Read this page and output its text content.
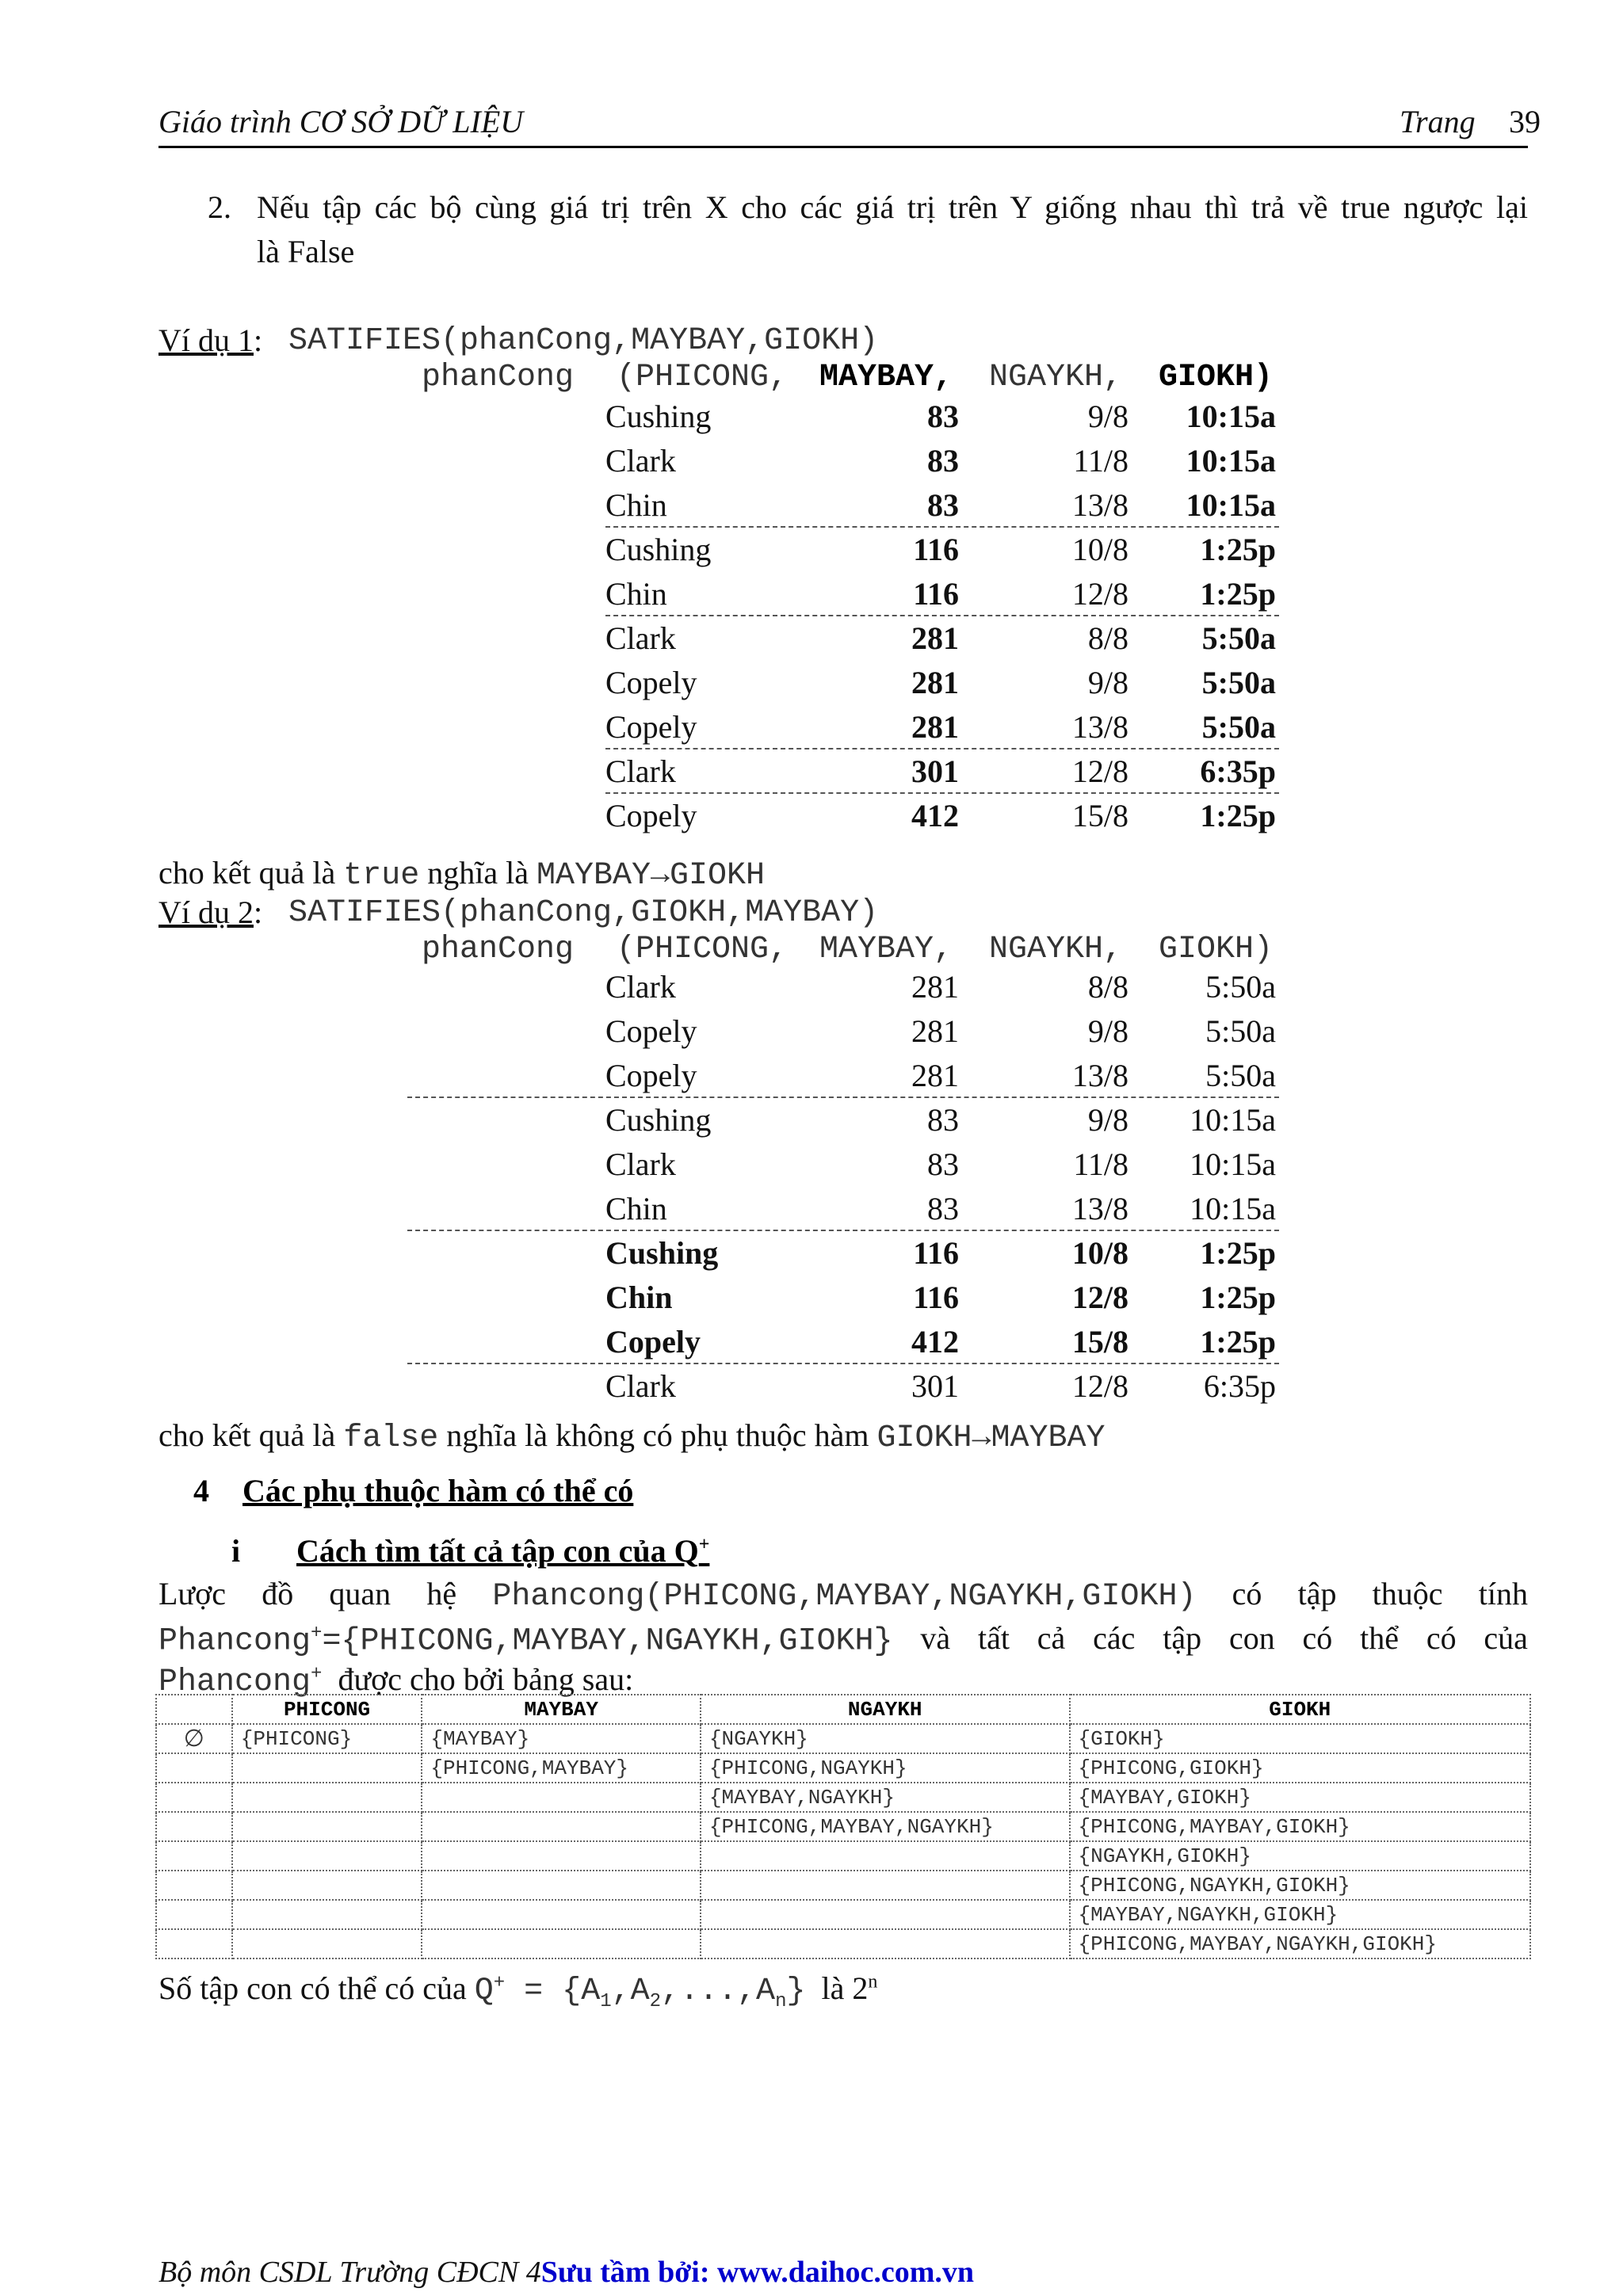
Giáo trình CƠ SỞ DỮ LIỆU	Trang 39
2. Nếu tập các bộ cùng giá trị trên X cho các giá trị trên Y giống nhau thì trả về true ngược lại
là False
Ví dụ 1: SATIFIES(phanCong,MAYBAY,GIOKH)
phanCong (PHICONG, MAYBAY, NGAYKH, GIOKH)
Cushing	83	9/8	10:15a
Clark	83	11/8	10:15a
Chin	83	13/8	10:15a
Cushing	116	10/8	1:25p
Chin	116	12/8	1:25p
Clark	281	8/8	5:50a
Copely	281	9/8	5:50a
Copely	281	13/8	5:50a
Clark	301	12/8	6:35p
Copely	412	15/8	1:25p
cho kết quả là true nghĩa là MAYBAY→GIOKH
Ví dụ 2: SATIFIES(phanCong,GIOKH,MAYBAY)
phanCong (PHICONG, MAYBAY, NGAYKH, GIOKH)
Clark	281	8/8	5:50a
Copely	281	9/8	5:50a
Copely	281	13/8	5:50a
Cushing	83	9/8	10:15a
Clark	83	11/8	10:15a
Chin	83	13/8	10:15a
Cushing	116	10/8	1:25p
Chin	116	12/8	1:25p
Copely	412	15/8	1:25p
Clark	301	12/8	6:35p
cho kết quả là false nghĩa là không có phụ thuộc hàm GIOKH→MAYBAY
4 Các phụ thuộc hàm có thể có
i Cách tìm tất cả tập con của Q+
Lược đồ quan hệ Phancong(PHICONG,MAYBAY,NGAYKH,GIOKH) có tập thuộc tính
Phancong+={PHICONG,MAYBAY,NGAYKH,GIOKH} và tất cả các tập con có thể có của
Phancong+ được cho bởi bảng sau:
	PHICONG	MAYBAY	NGAYKH	GIOKH
∅	{PHICONG}	{MAYBAY}	{NGAYKH}	{GIOKH}
		{PHICONG,MAYBAY}	{PHICONG,NGAYKH}	{PHICONG,GIOKH}
			{MAYBAY,NGAYKH}	{MAYBAY,GIOKH}
			{PHICONG,MAYBAY,NGAYKH}	{PHICONG,MAYBAY,GIOKH}
				{NGAYKH,GIOKH}
				{PHICONG,NGAYKH,GIOKH}
				{MAYBAY,NGAYKH,GIOKH}
				{PHICONG,MAYBAY,NGAYKH,GIOKH}
Số tập con có thể có của $Q^+ = \{A_1,A_2,...,A_n\}$ là 2$^n$
Bộ môn CSDL Trường CĐCN 4Sưu tầm bởi: www.daihoc.com.vn
